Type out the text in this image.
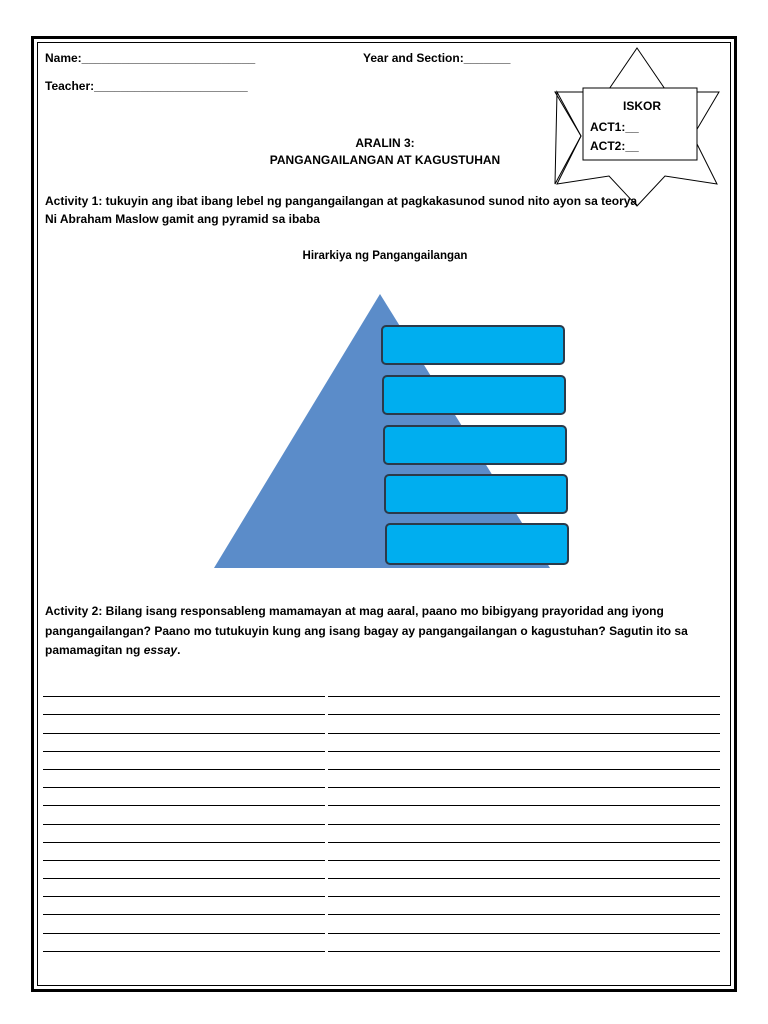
Name:__________________________	Year and Section:_______
Teacher:_______________________
ISKOR
ACT1:__
ACT2:__
ARALIN 3:
PANGANGAILANGAN AT KAGUSTUHAN
Activity 1: tukuyin ang ibat ibang lebel ng pangangailangan at pagkakasunod sunod nito ayon sa teorya
Ni Abraham Maslow gamit ang pyramid sa ibaba
Hirarkiya ng Pangangailangan
Activity 2: Bilang isang responsableng mamamayan at mag aaral, paano mo bibigyang prayoridad ang iyong
pangangailangan? Paano mo tutukuyin kung ang isang bagay ay pangangailangan o kagustuhan? Sagutin ito sa
pamamagitan ng essay.
